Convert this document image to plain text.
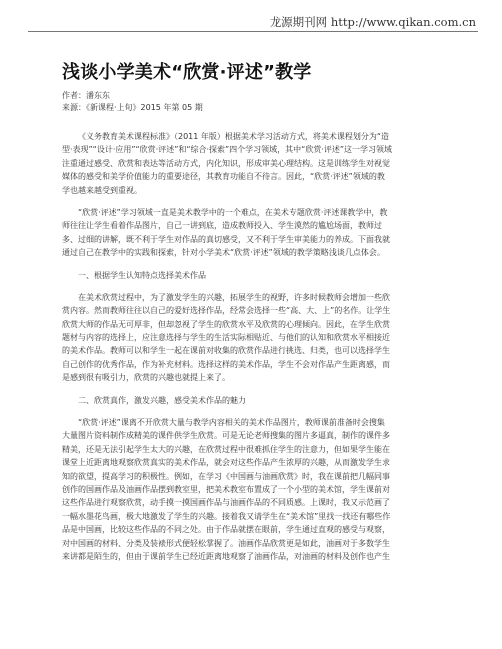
龙源期刊网 http://www.qikan.com.cn
浅谈小学美术“欣赏·评述”教学
作者：潘东东
来源：《新课程·上旬》2015 年第 05 期
《义务教育美术课程标准》（2011 年版）根据美术学习活动方式，将美术课程划分为“造
型·表现”“设计·应用”“欣赏·评述”和“综合·探索”四个学习领域，其中“欣赏·评述”这一学习领域
注重通过感受、欣赏和表达等活动方式，内化知识，形成审美心理结构。这是训练学生对视觉
媒体的感受和美学价值能力的重要途径，其教育功能自不待言。因此，“欣赏·评述”领域的教
学也越来越受到重视。
“欣赏·评述”学习领域一直是美术教学中的一个难点，在美术专题欣赏·评述课教学中，教
师往往让学生看着作品图片，自己一讲到底，造成教师投入、学生漠然的尴尬场面，教师过
多、过细的讲解，既不利于学生对作品的真切感受，又不利于学生审美能力的养成。下面我就
通过自己在教学中的实践和探索，针对小学美术“欣赏·评述”领域的教学策略浅谈几点体会。
一、根据学生认知特点选择美术作品
在美术欣赏过程中，为了激发学生的兴趣，拓展学生的视野，许多时候教师会增加一些欣
赏内容。然而教师往往以自己的爱好选择作品，经常会选择一些“高、大、上”的名作。让学生
欣赏大师的作品无可厚非，但却忽视了学生的欣赏水平及欣赏的心理倾向。因此，在学生欣赏
题材与内容的选择上，应注意选择与学生的生活实际相贴近、与他们的认知和欣赏水平相接近
的美术作品。教师可以和学生一起在课前对收集的欣赏作品进行挑选、归类，也可以选择学生
自己创作的优秀作品，作为补充材料。选择这样的美术作品，学生不会对作品产生距离感，而
是感到很有吸引力，欣赏的兴趣也就提上来了。
二、欣赏真作，激发兴趣，感受美术作品的魅力
“欣赏·评述”课离不开欣赏大量与教学内容相关的美术作品图片，教师课前准备时会搜集
大量图片资料制作成精美的课件供学生欣赏。可是无论老师搜集的图片多逼真，制作的课件多
精美，还是无法引起学生太大的兴趣，在欣赏过程中很难抓住学生的注意力，但如果学生能在
课堂上近距离地观察欣赏真实的美术作品，就会对这些作品产生浓厚的兴趣，从而激发学生求
知的欲望，提高学习的积极性。例如，在学习《中国画与油画欣赏》时，我在课前把几幅同事
创作的国画作品及油画作品摆到教室里，把美术教室布置成了一个小型的美术馆，学生课前对
这些作品进行观察欣赏，动手摸一摸国画作品与油画作品的不同质感。上课时，我又示范画了
一幅水墨花鸟画，极大地激发了学生的兴趣。接着我又请学生在“美术馆”里找一找还有哪些作
品是中国画，比较这些作品的不同之处。由于作品就摆在眼前，学生通过直观的感受与观察，
对中国画的材料、分类及装裱形式便轻松掌握了。油画作品欣赏更是如此，油画对于多数学生
来讲都是陌生的，但由于课前学生已经近距离地观察了油画作品，对油画的材料及创作也产生
